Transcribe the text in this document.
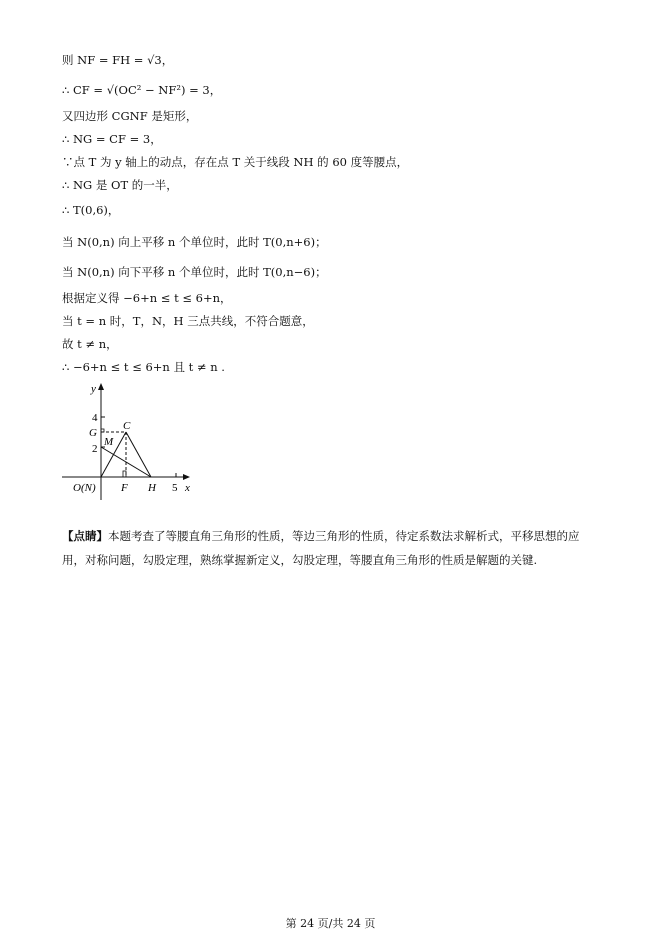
则 NF = FH = √3，
∴ CF = √(OC² − NF²) = 3，
又四边形 CGNF 是矩形，
∴ NG = CF = 3，
∵点 T 为 y 轴上的动点，存在点 T 关于线段 NH 的 60 度等腰点，
∴ NG 是 OT 的一半，
∴ T(0,6)，
当 N(0,n) 向上平移 n 个单位时，此时 T(0,n+6)；
当 N(0,n) 向下平移 n 个单位时，此时 T(0,n−6)；
根据定义得 −6+n ≤ t ≤ 6+n，
当 t = n 时，T，N，H 三点共线，不符合题意，
故 t ≠ n，
∴ −6+n ≤ t ≤ 6+n 且 t ≠ n .
y
4
G
M
C
2
O(N) F H 5 x
【点睛】本题考查了等腰直角三角形的性质，等边三角形的性质，待定系数法求解析式，平移思想的应用，对称问题，勾股定理，熟练掌握新定义，勾股定理，等腰直角三角形的性质是解题的关键.
第 24 页/共 24 页
